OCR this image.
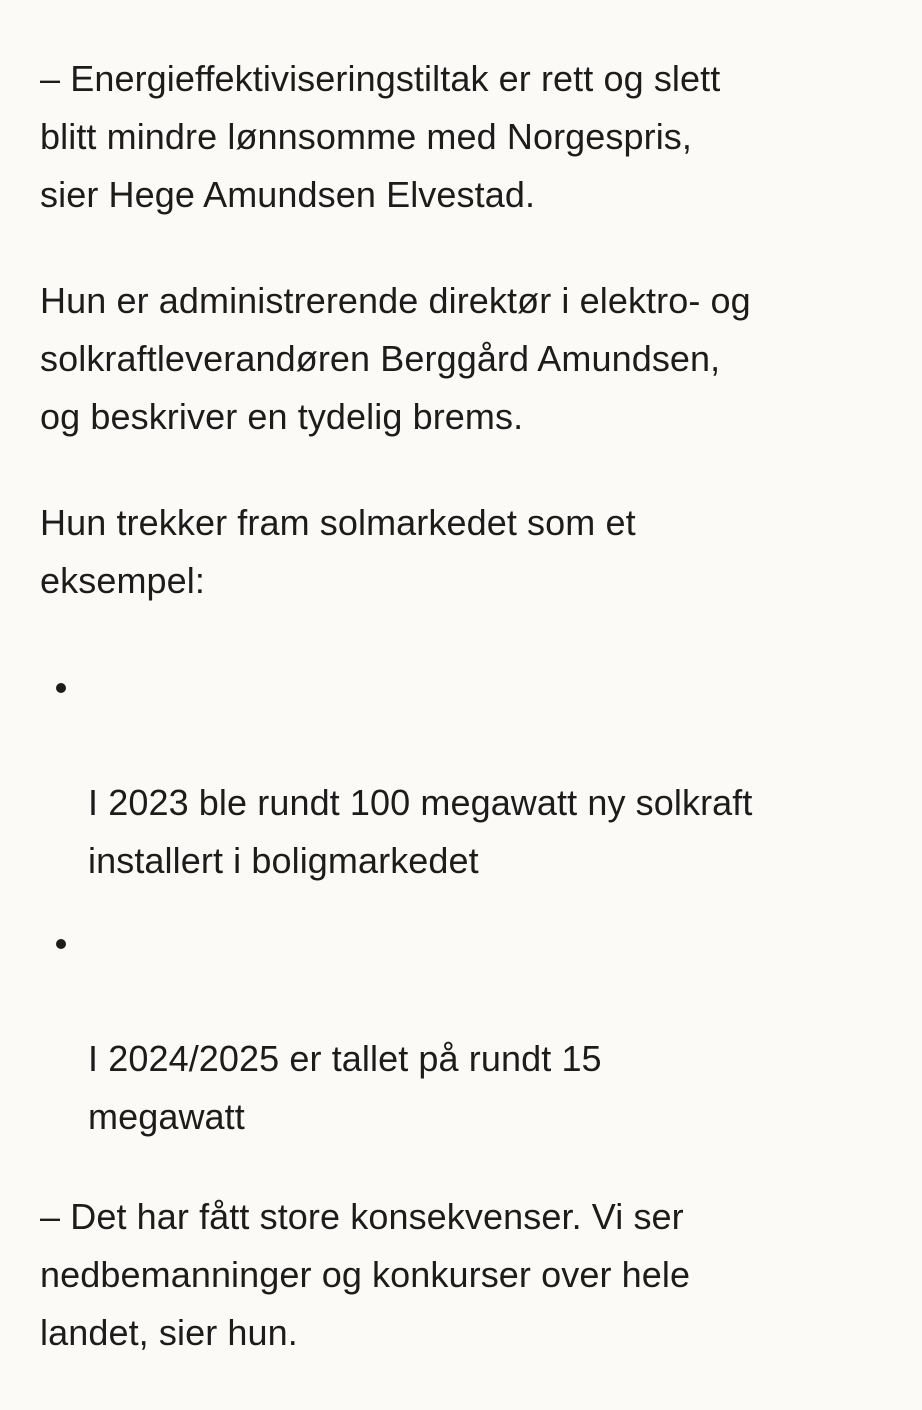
– Energieffektiviseringstiltak er rett og slett
blitt mindre lønnsomme med Norgespris,
sier Hege Amundsen Elvestad.

Hun er administrerende direktør i elektro- og
solkraftleverandøren Berggård Amundsen,
og beskriver en tydelig brems.

Hun trekker fram solmarkedet som et
eksempel:

I 2023 ble rundt 100 megawatt ny solkraft
installert i boligmarkedet

I 2024/2025 er tallet på rundt 15
megawatt

– Det har fått store konsekvenser. Vi ser
nedbemanninger og konkurser over hele
landet, sier hun.
